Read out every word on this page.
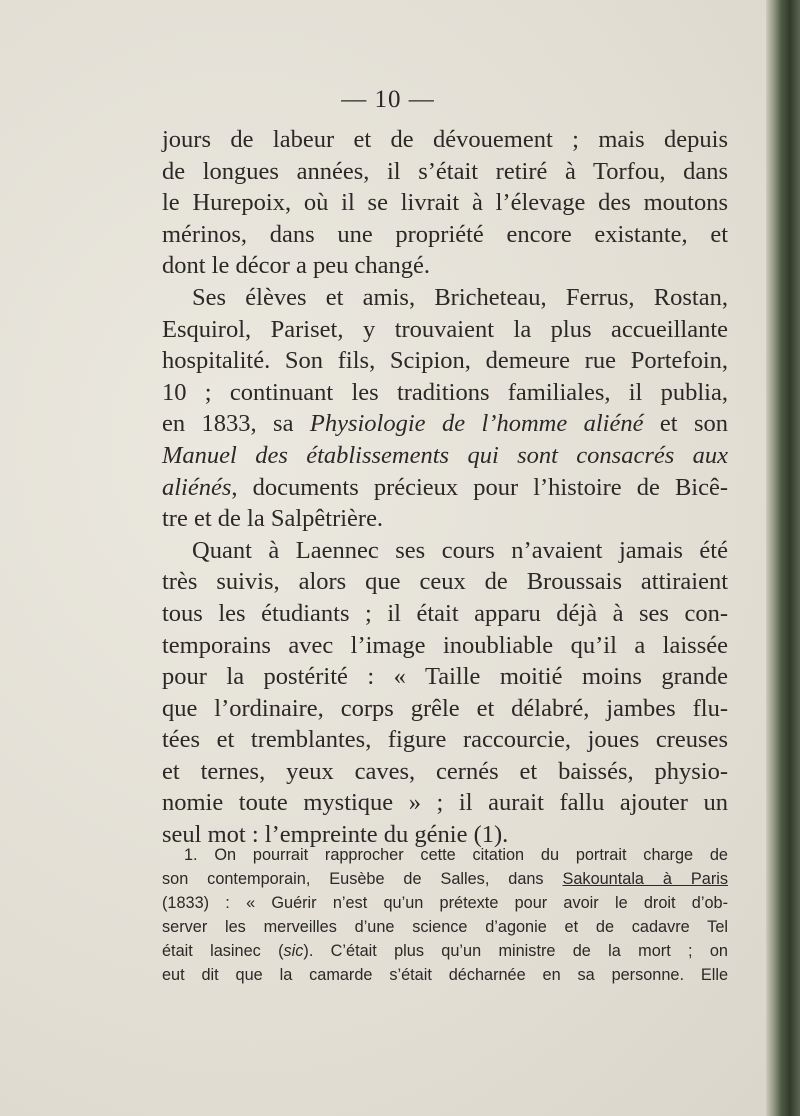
— 10 —
jours de labeur et de dévouement ; mais depuis
de longues années, il s’était retiré à Torfou, dans
le Hurepoix, où il se livrait à l’élevage des moutons
mérinos, dans une propriété encore existante, et
dont le décor a peu changé.
Ses élèves et amis, Bricheteau, Ferrus, Rostan,
Esquirol, Pariset, y trouvaient la plus accueillante
hospitalité. Son fils, Scipion, demeure rue Portefoin,
10 ; continuant les traditions familiales, il publia,
en 1833, sa Physiologie de l’homme aliéné et son
Manuel des établissements qui sont consacrés aux
aliénés, documents précieux pour l’histoire de Bicê-
tre et de la Salpêtrière.
Quant à Laennec ses cours n’avaient jamais été
très suivis, alors que ceux de Broussais attiraient
tous les étudiants ; il était apparu déjà à ses con-
temporains avec l’image inoubliable qu’il a laissée
pour la postérité : « Taille moitié moins grande
que l’ordinaire, corps grêle et délabré, jambes flu-
tées et tremblantes, figure raccourcie, joues creuses
et ternes, yeux caves, cernés et baissés, physio-
nomie toute mystique » ; il aurait fallu ajouter un
seul mot : l’empreinte du génie (1).
1. On pourrait rapprocher cette citation du portrait charge de
son contemporain, Eusèbe de Salles, dans Sakountala à Paris
(1833) : « Guérir n’est qu’un prétexte pour avoir le droit d’ob-
server les merveilles d’une science d’agonie et de cadavre Tel
était lasinec (sic). C’était plus qu’un ministre de la mort ; on
eut dit que la camarde s’était décharnée en sa personne. Elle
